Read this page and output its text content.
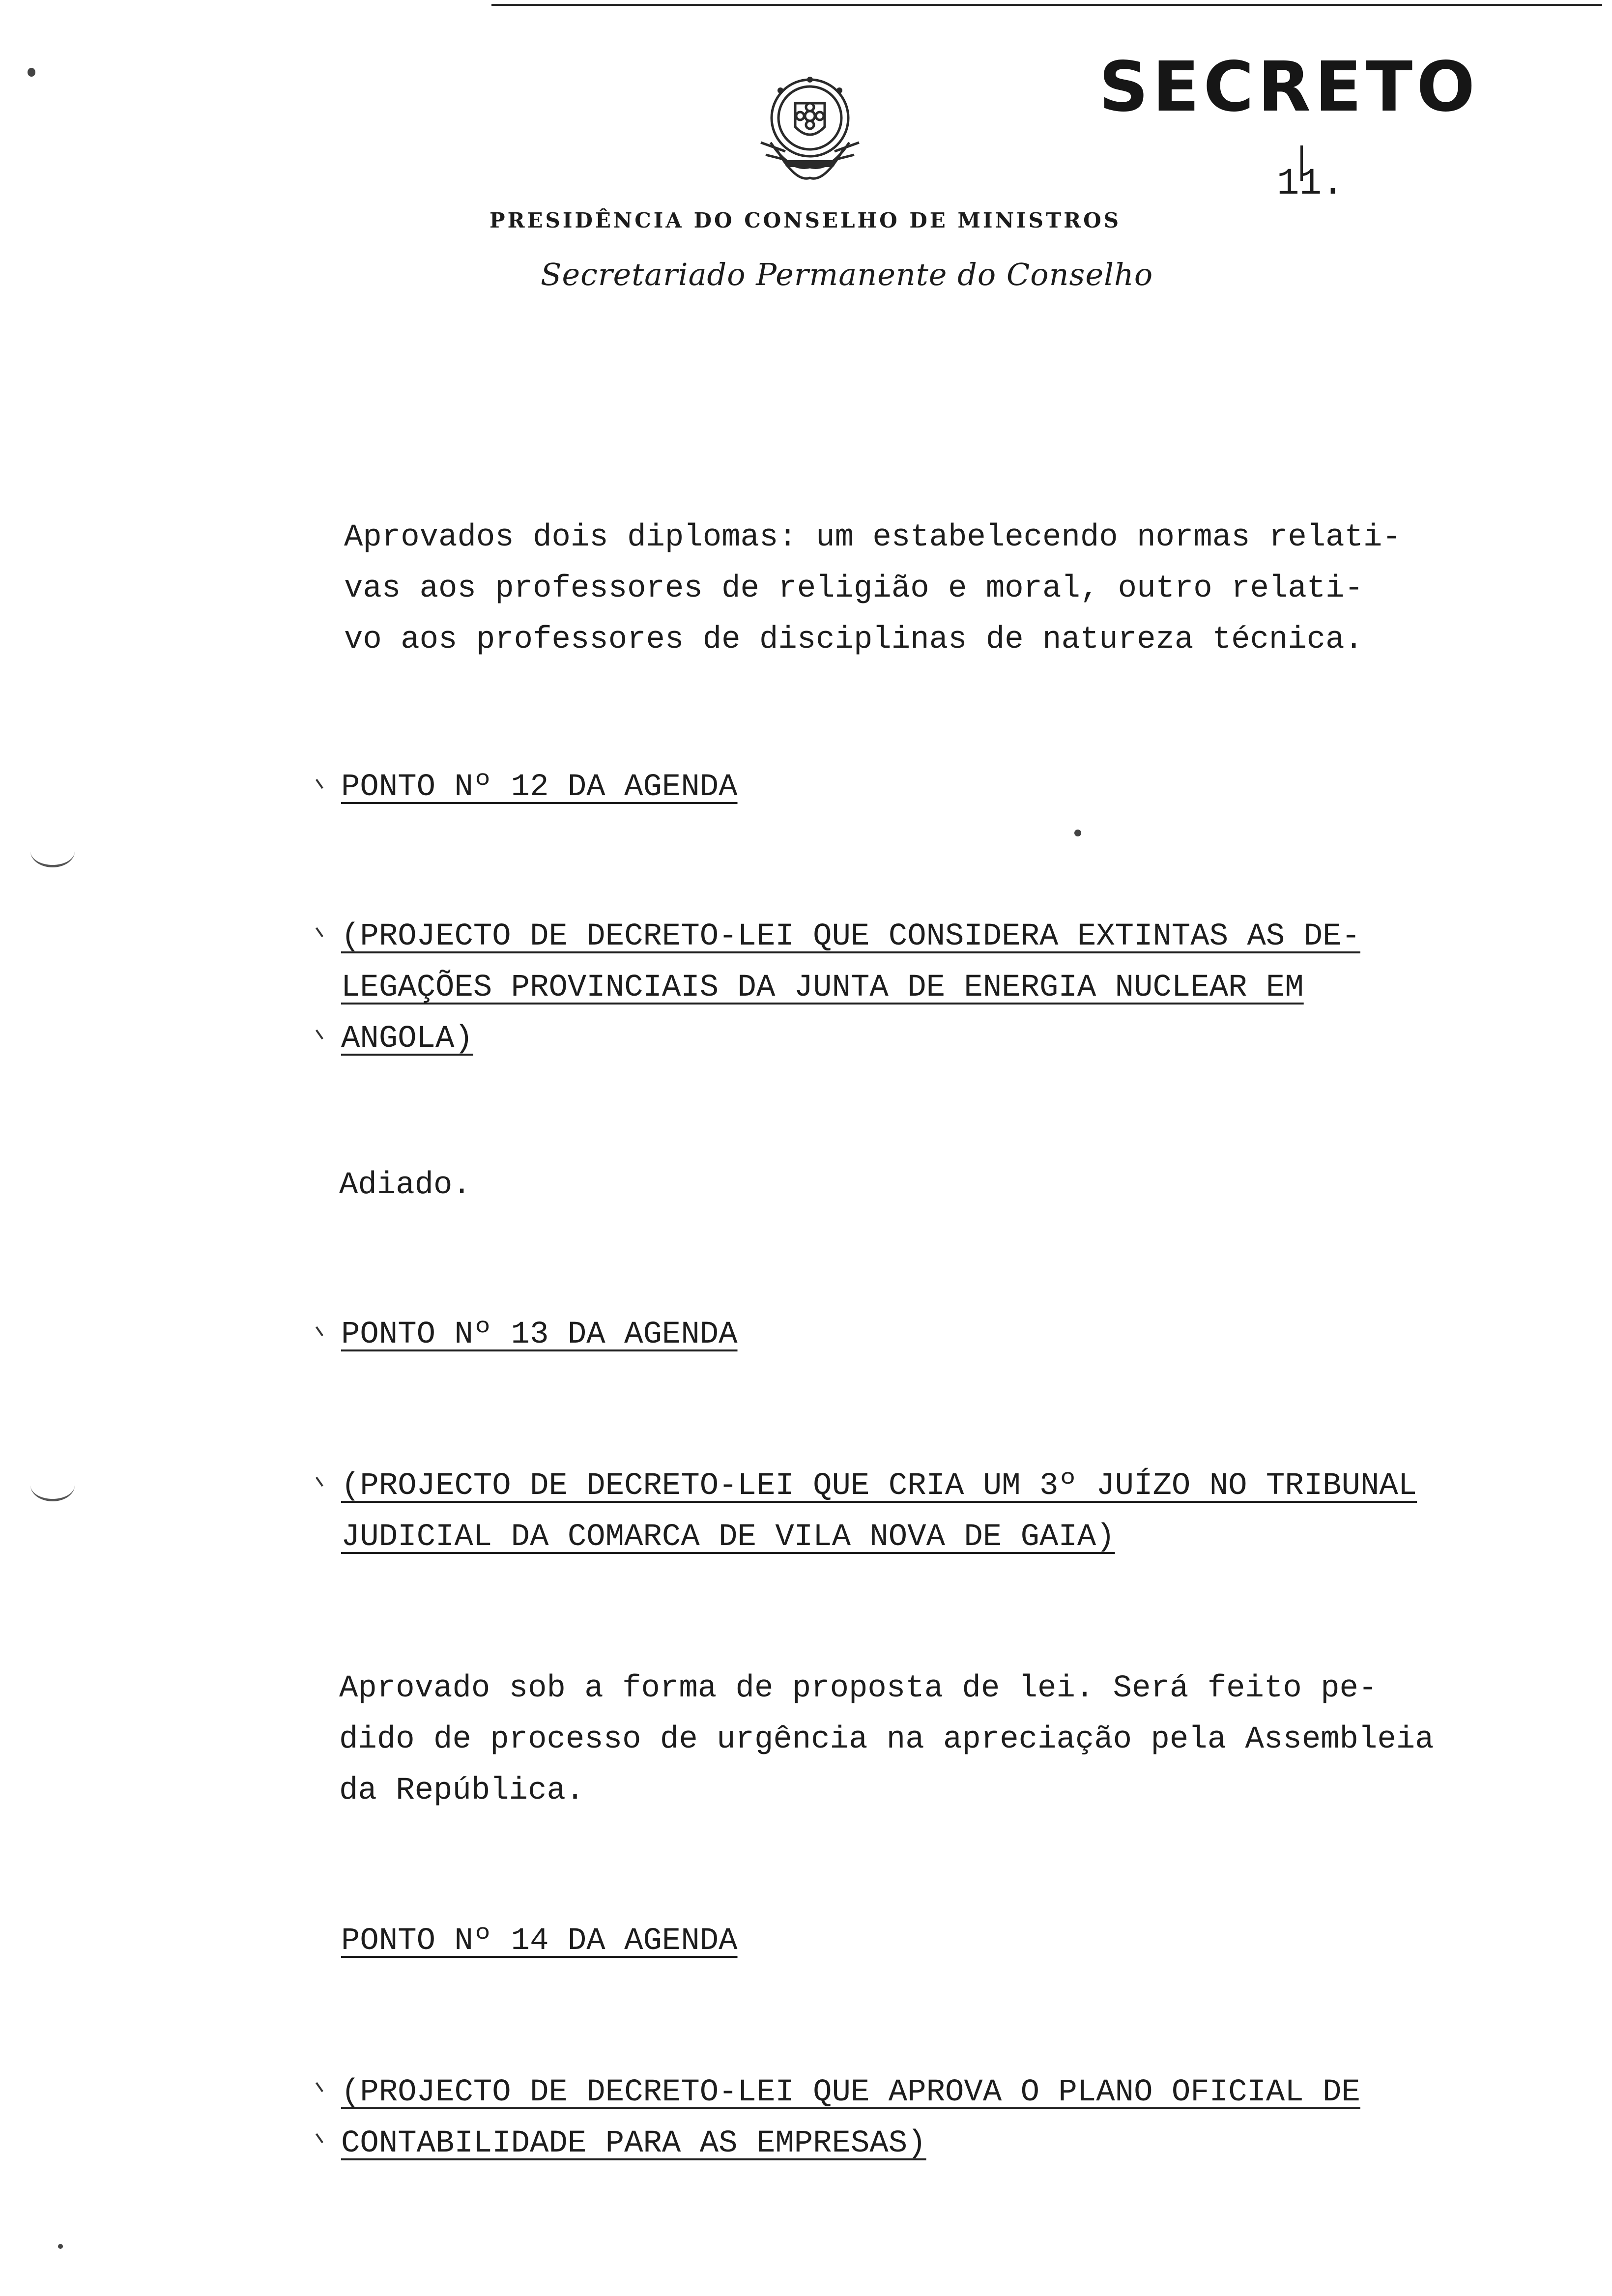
SECRETO
11.
PRESIDÊNCIA DO CONSELHO DE MINISTROS
Secretariado Permanente do Conselho
Aprovados dois diplomas: um estabelecendo normas relati-
vas aos professores de religião e moral, outro relati-
vo aos professores de disciplinas de natureza técnica.
PONTO Nº 12 DA AGENDA
(PROJECTO DE DECRETO-LEI QUE CONSIDERA EXTINTAS AS DE-
LEGAÇÕES PROVINCIAIS DA JUNTA DE ENERGIA NUCLEAR EM
ANGOLA)
Adiado.
PONTO Nº 13 DA AGENDA
(PROJECTO DE DECRETO-LEI QUE CRIA UM 3º JUÍZO NO TRIBUNAL
JUDICIAL DA COMARCA DE VILA NOVA DE GAIA)
Aprovado sob a forma de proposta de lei. Será feito pe-
dido de processo de urgência na apreciação pela Assembleia
da República.
PONTO Nº 14 DA AGENDA
(PROJECTO DE DECRETO-LEI QUE APROVA O PLANO OFICIAL DE
CONTABILIDADE PARA AS EMPRESAS)
